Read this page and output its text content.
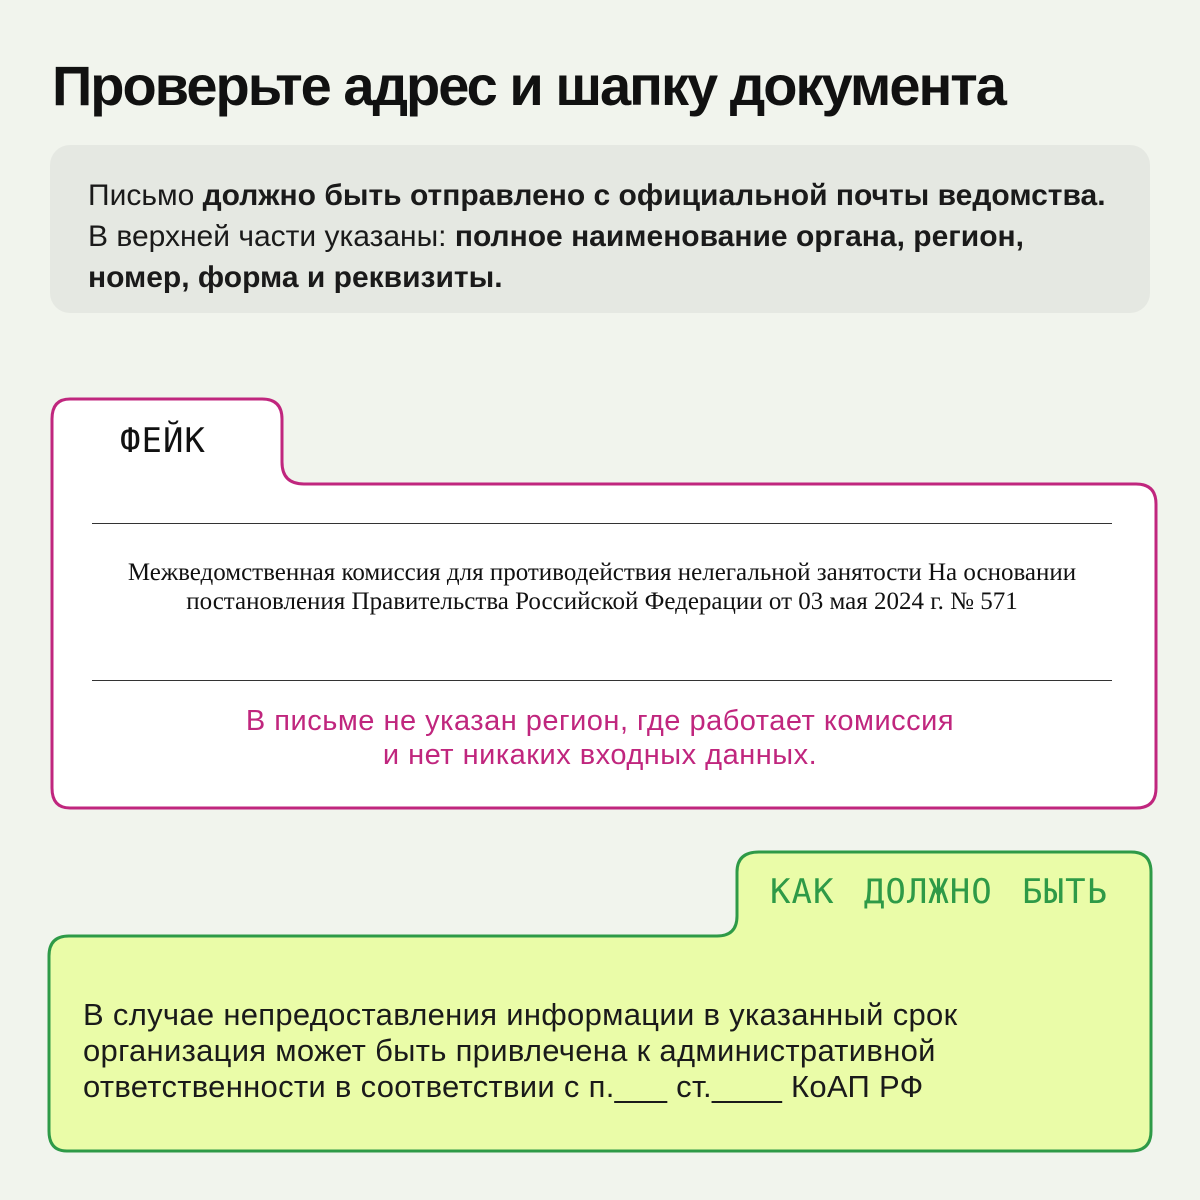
Проверьте адрес и шапку документа

Письмо должно быть отправлено с официальной почты ведомства. В верхней части указаны: полное наименование органа, регион, номер, форма и реквизиты.

ФЕЙК

Межведомственная комиссия для противодействия нелегальной занятости На основании постановления Правительства Российской Федерации от 03 мая 2024 г. № 571

В письме не указан регион, где работает комиссия
и нет никаких входных данных.

КАК ДОЛЖНО БЫТЬ

В случае непредоставления информации в указанный срок
организация может быть привлечена к административной
ответственности в соответствии с п.___ ст.____ КоАП РФ
